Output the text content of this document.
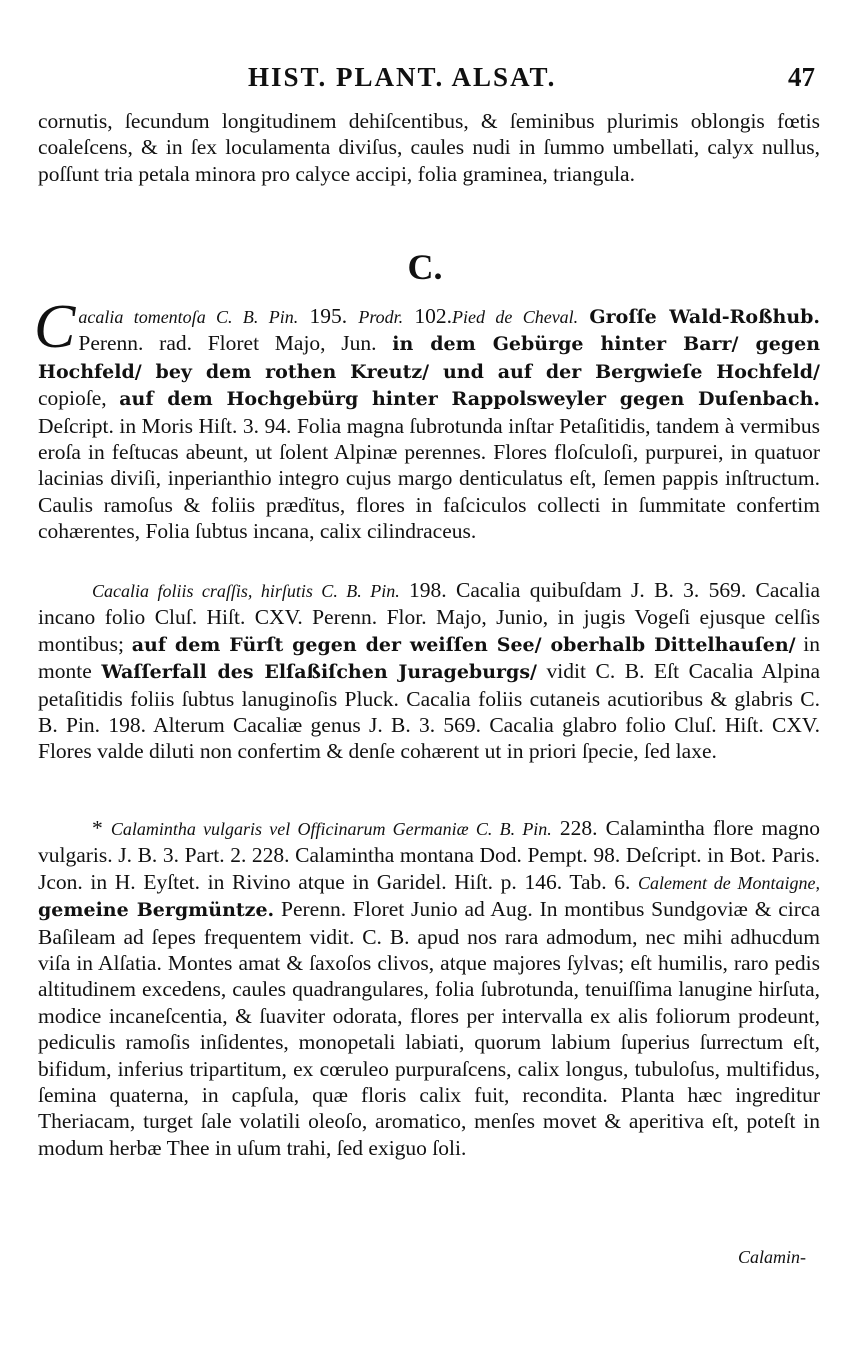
HIST. PLANT. ALSAT.	47

cornutis, ſecundum longitudinem dehiſcentibus, & ſeminibus plurimis oblongis fœtis coaleſcens, & in ſex loculamenta diviſus, caules nudi in ſummo umbellati, calyx nullus, poſſunt tria petala minora pro calyce accipi, folia graminea, triangula.

C.

Cacalia tomentoſa C. B. Pin. 195. Prodr. 102.Pied de Cheval. Groſſe Wald-Roßhub. Perenn. rad. Floret Majo, Jun. in dem Gebürge hinter Barr/ gegen Hochfeld/ bey dem rothen Kreutz/ und auf der Bergwieſe Hochfeld/ copioſe, auf dem Hochgebürg hinter Rappolsweyler gegen Duſenbach. Deſcript. in Moris Hiſt. 3. 94. Folia magna ſubrotunda inſtar Petaſitidis, tandem à vermibus eroſa in feſtucas abeunt, ut ſolent Alpinæ perennes. Flores floſculoſi, purpurei, in quatuor lacinias diviſi, inperianthio integro cujus margo denticulatus eſt, ſemen pappis inſtructum. Caulis ramoſus & foliis prædïtus, flores in faſciculos collecti in ſummitate confertim cohærentes, Folia ſubtus incana, calix cilindraceus.

Cacalia foliis craſſis, hirſutis C. B. Pin. 198. Cacalia quibuſdam J. B. 3. 569. Cacalia incano folio Cluſ. Hiſt. CXV. Perenn. Flor. Majo, Junio, in jugis Vogeſi ejusque celſis montibus; auf dem Fürſt gegen der weiſſen See/ oberhalb Dittelhauſen/ in monte Waſſerfall des Elſaßiſchen Jurageburgs/ vidit C. B. Eſt Cacalia Alpina petaſitidis foliis ſubtus lanuginoſis Pluck. Cacalia foliis cutaneis acutioribus & glabris C. B. Pin. 198. Alterum Cacaliæ genus J. B. 3. 569. Cacalia glabro folio Cluſ. Hiſt. CXV. Flores valde diluti non confertim & denſe cohærent ut in priori ſpecie, ſed laxe.

* Calamintha vulgaris vel Officinarum Germaniæ C. B. Pin. 228. Calamintha flore magno vulgaris. J. B. 3. Part. 2. 228. Calamintha montana Dod. Pempt. 98. Deſcript. in Bot. Paris. Jcon. in H. Eyſtet. in Rivino atque in Garidel. Hiſt. p. 146. Tab. 6. Calement de Montaigne, gemeine Bergmüntze. Perenn. Floret Junio ad Aug. In montibus Sundgoviæ & circa Baſileam ad ſepes frequentem vidit. C. B. apud nos rara admodum, nec mihi adhucdum viſa in Alſatia. Montes amat & ſaxoſos clivos, atque majores ſylvas; eſt humilis, raro pedis altitudinem excedens, caules quadrangulares, folia ſubrotunda, tenuiſſima lanugine hirſuta, modice incaneſcentia, & ſuaviter odorata, flores per intervalla ex alis foliorum prodeunt, pediculis ramoſis inſidentes, monopetali labiati, quorum labium ſuperius ſurrectum eſt, bifidum, inferius tripartitum, ex cœruleo purpuraſcens, calix longus, tubuloſus, multifidus, ſemina quaterna, in capſula, quæ floris calix fuit, recondita. Planta hæc ingreditur Theriacam, turget ſale volatili oleoſo, aromatico, menſes movet & aperitiva eſt, poteſt in modum herbæ Thee in uſum trahi, ſed exiguo ſoli.

Calamin-
